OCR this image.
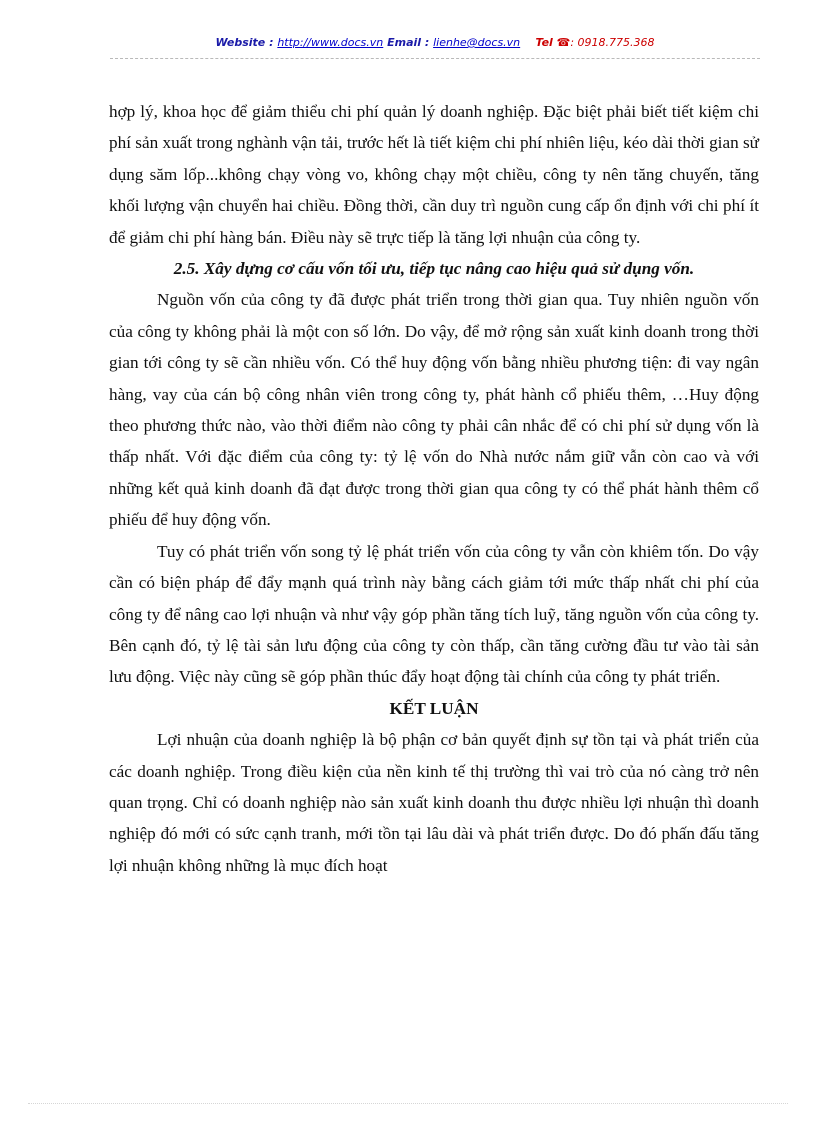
Website : http://www.docs.vn Email : lienhe@docs.vn Tel ☎: 0918.775.368

hợp lý, khoa học để giảm thiểu chi phí quản lý doanh nghiệp. Đặc biệt phải biết tiết kiệm chi phí sản xuất trong nghành vận tải, trước hết là tiết kiệm chi phí nhiên liệu, kéo dài thời gian sử dụng săm lốp...không chạy vòng vo, không chạy một chiều, công ty nên tăng chuyến, tăng khối lượng vận chuyển hai chiều. Đồng thời, cần duy trì nguồn cung cấp ổn định với chi phí ít để giảm chi phí hàng bán. Điều này sẽ trực tiếp là tăng lợi nhuận của công ty.

2.5. Xây dựng cơ cấu vốn tối ưu, tiếp tục nâng cao hiệu quả sử dụng vốn.

Nguồn vốn của công ty đã được phát triển trong thời gian qua. Tuy nhiên nguồn vốn của công ty không phải là một con số lớn. Do vậy, để mở rộng sản xuất kinh doanh trong thời gian tới công ty sẽ cần nhiều vốn. Có thể huy động vốn bằng nhiều phương tiện: đi vay ngân hàng, vay của cán bộ công nhân viên trong công ty, phát hành cổ phiếu thêm, …Huy động theo phương thức nào, vào thời điểm nào công ty phải cân nhắc để có chi phí sử dụng vốn là thấp nhất. Với đặc điểm của công ty: tỷ lệ vốn do Nhà nước nắm giữ vẫn còn cao và với những kết quả kinh doanh đã đạt được trong thời gian qua công ty có thể phát hành thêm cổ phiếu để huy động vốn.

Tuy có phát triển vốn song tỷ lệ phát triển vốn của công ty vẫn còn khiêm tốn. Do vậy cần có biện pháp để đẩy mạnh quá trình này bằng cách giảm tới mức thấp nhất chi phí của công ty để nâng cao lợi nhuận và như vậy góp phần tăng tích luỹ, tăng nguồn vốn của công ty. Bên cạnh đó, tỷ lệ tài sản lưu động của công ty còn thấp, cần tăng cường đầu tư vào tài sản lưu động. Việc này cũng sẽ góp phần thúc đẩy hoạt động tài chính của công ty phát triển.

KẾT LUẬN

Lợi nhuận của doanh nghiệp là bộ phận cơ bản quyết định sự tồn tại và phát triển của các doanh nghiệp. Trong điều kiện của nền kinh tế thị trường thì vai trò của nó càng trở nên quan trọng. Chỉ có doanh nghiệp nào sản xuất kinh doanh thu được nhiều lợi nhuận thì doanh nghiệp đó mới có sức cạnh tranh, mới tồn tại lâu dài và phát triển được. Do đó phấn đấu tăng lợi nhuận không những là mục đích hoạt
